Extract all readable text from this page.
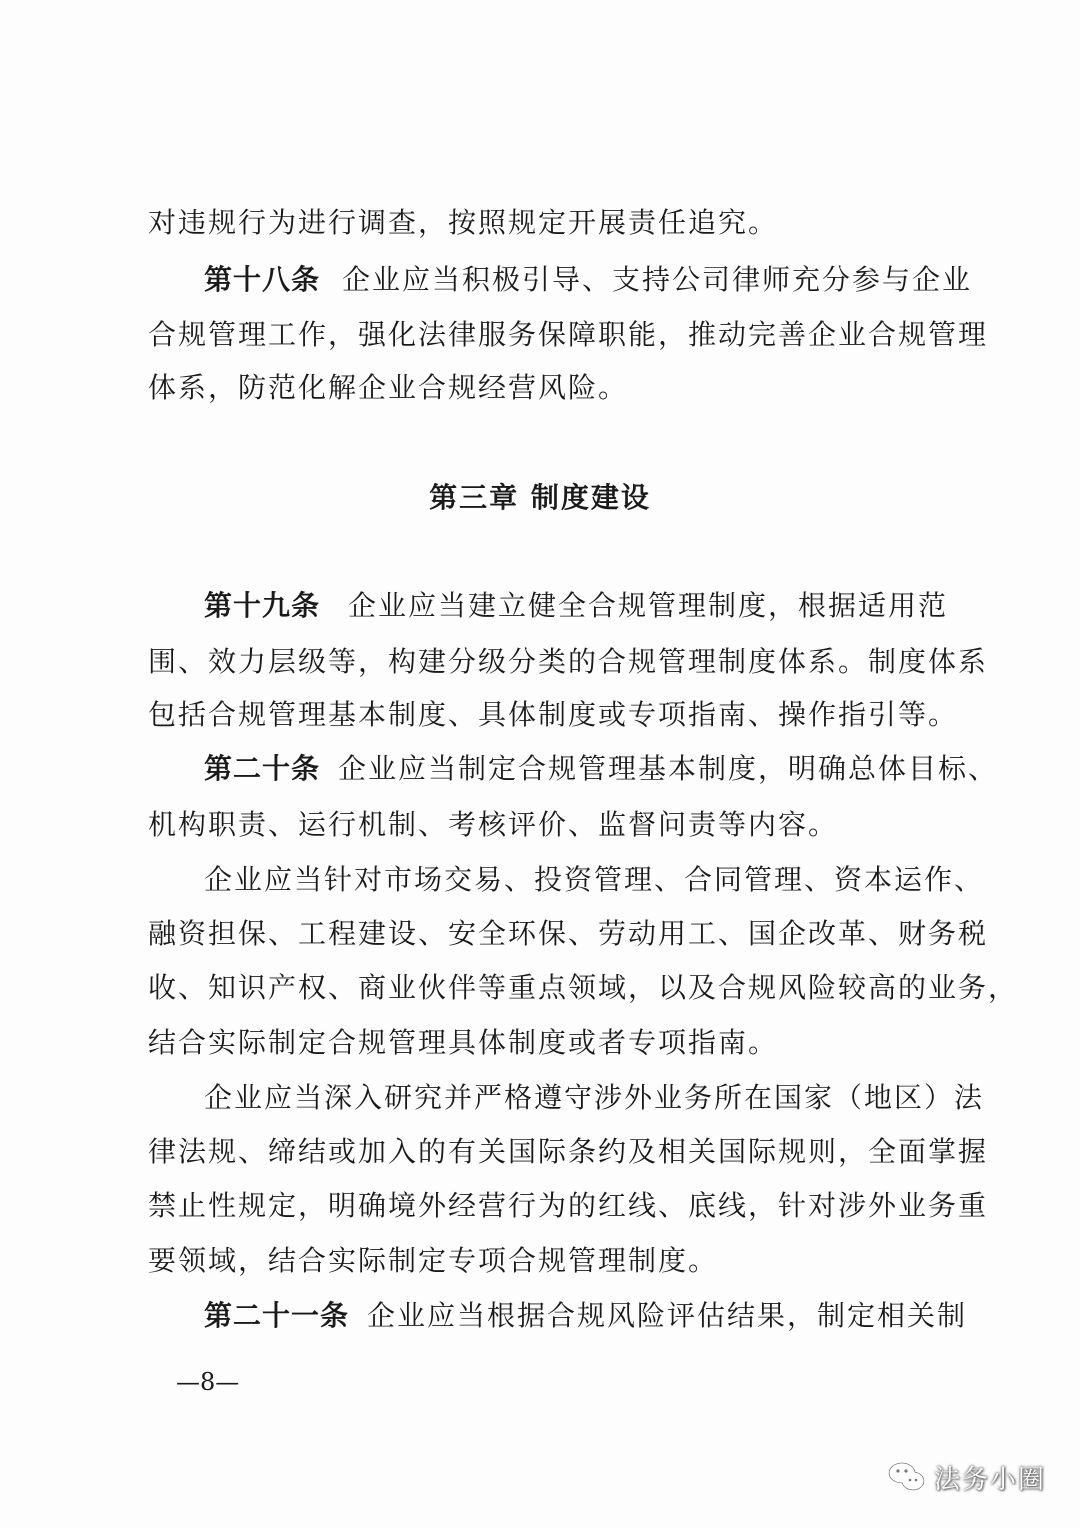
对违规行为进行调查，按照规定开展责任追究。
第十八条 企业应当积极引导、支持公司律师充分参与企业
合规管理工作，强化法律服务保障职能，推动完善企业合规管理
体系，防范化解企业合规经营风险。
第三章 制度建设
第十九条 企业应当建立健全合规管理制度，根据适用范
围、效力层级等，构建分级分类的合规管理制度体系。制度体系
包括合规管理基本制度、具体制度或专项指南、操作指引等。
第二十条 企业应当制定合规管理基本制度，明确总体目标、
机构职责、运行机制、考核评价、监督问责等内容。
企业应当针对市场交易、投资管理、合同管理、资本运作、
融资担保、工程建设、安全环保、劳动用工、国企改革、财务税
收、知识产权、商业伙伴等重点领域，以及合规风险较高的业务，
结合实际制定合规管理具体制度或者专项指南。
企业应当深入研究并严格遵守涉外业务所在国家（地区）法
律法规、缔结或加入的有关国际条约及相关国际规则，全面掌握
禁止性规定，明确境外经营行为的红线、底线，针对涉外业务重
要领域，结合实际制定专项合规管理制度。
第二十一条 企业应当根据合规风险评估结果，制定相关制
—8—
法务小圈
